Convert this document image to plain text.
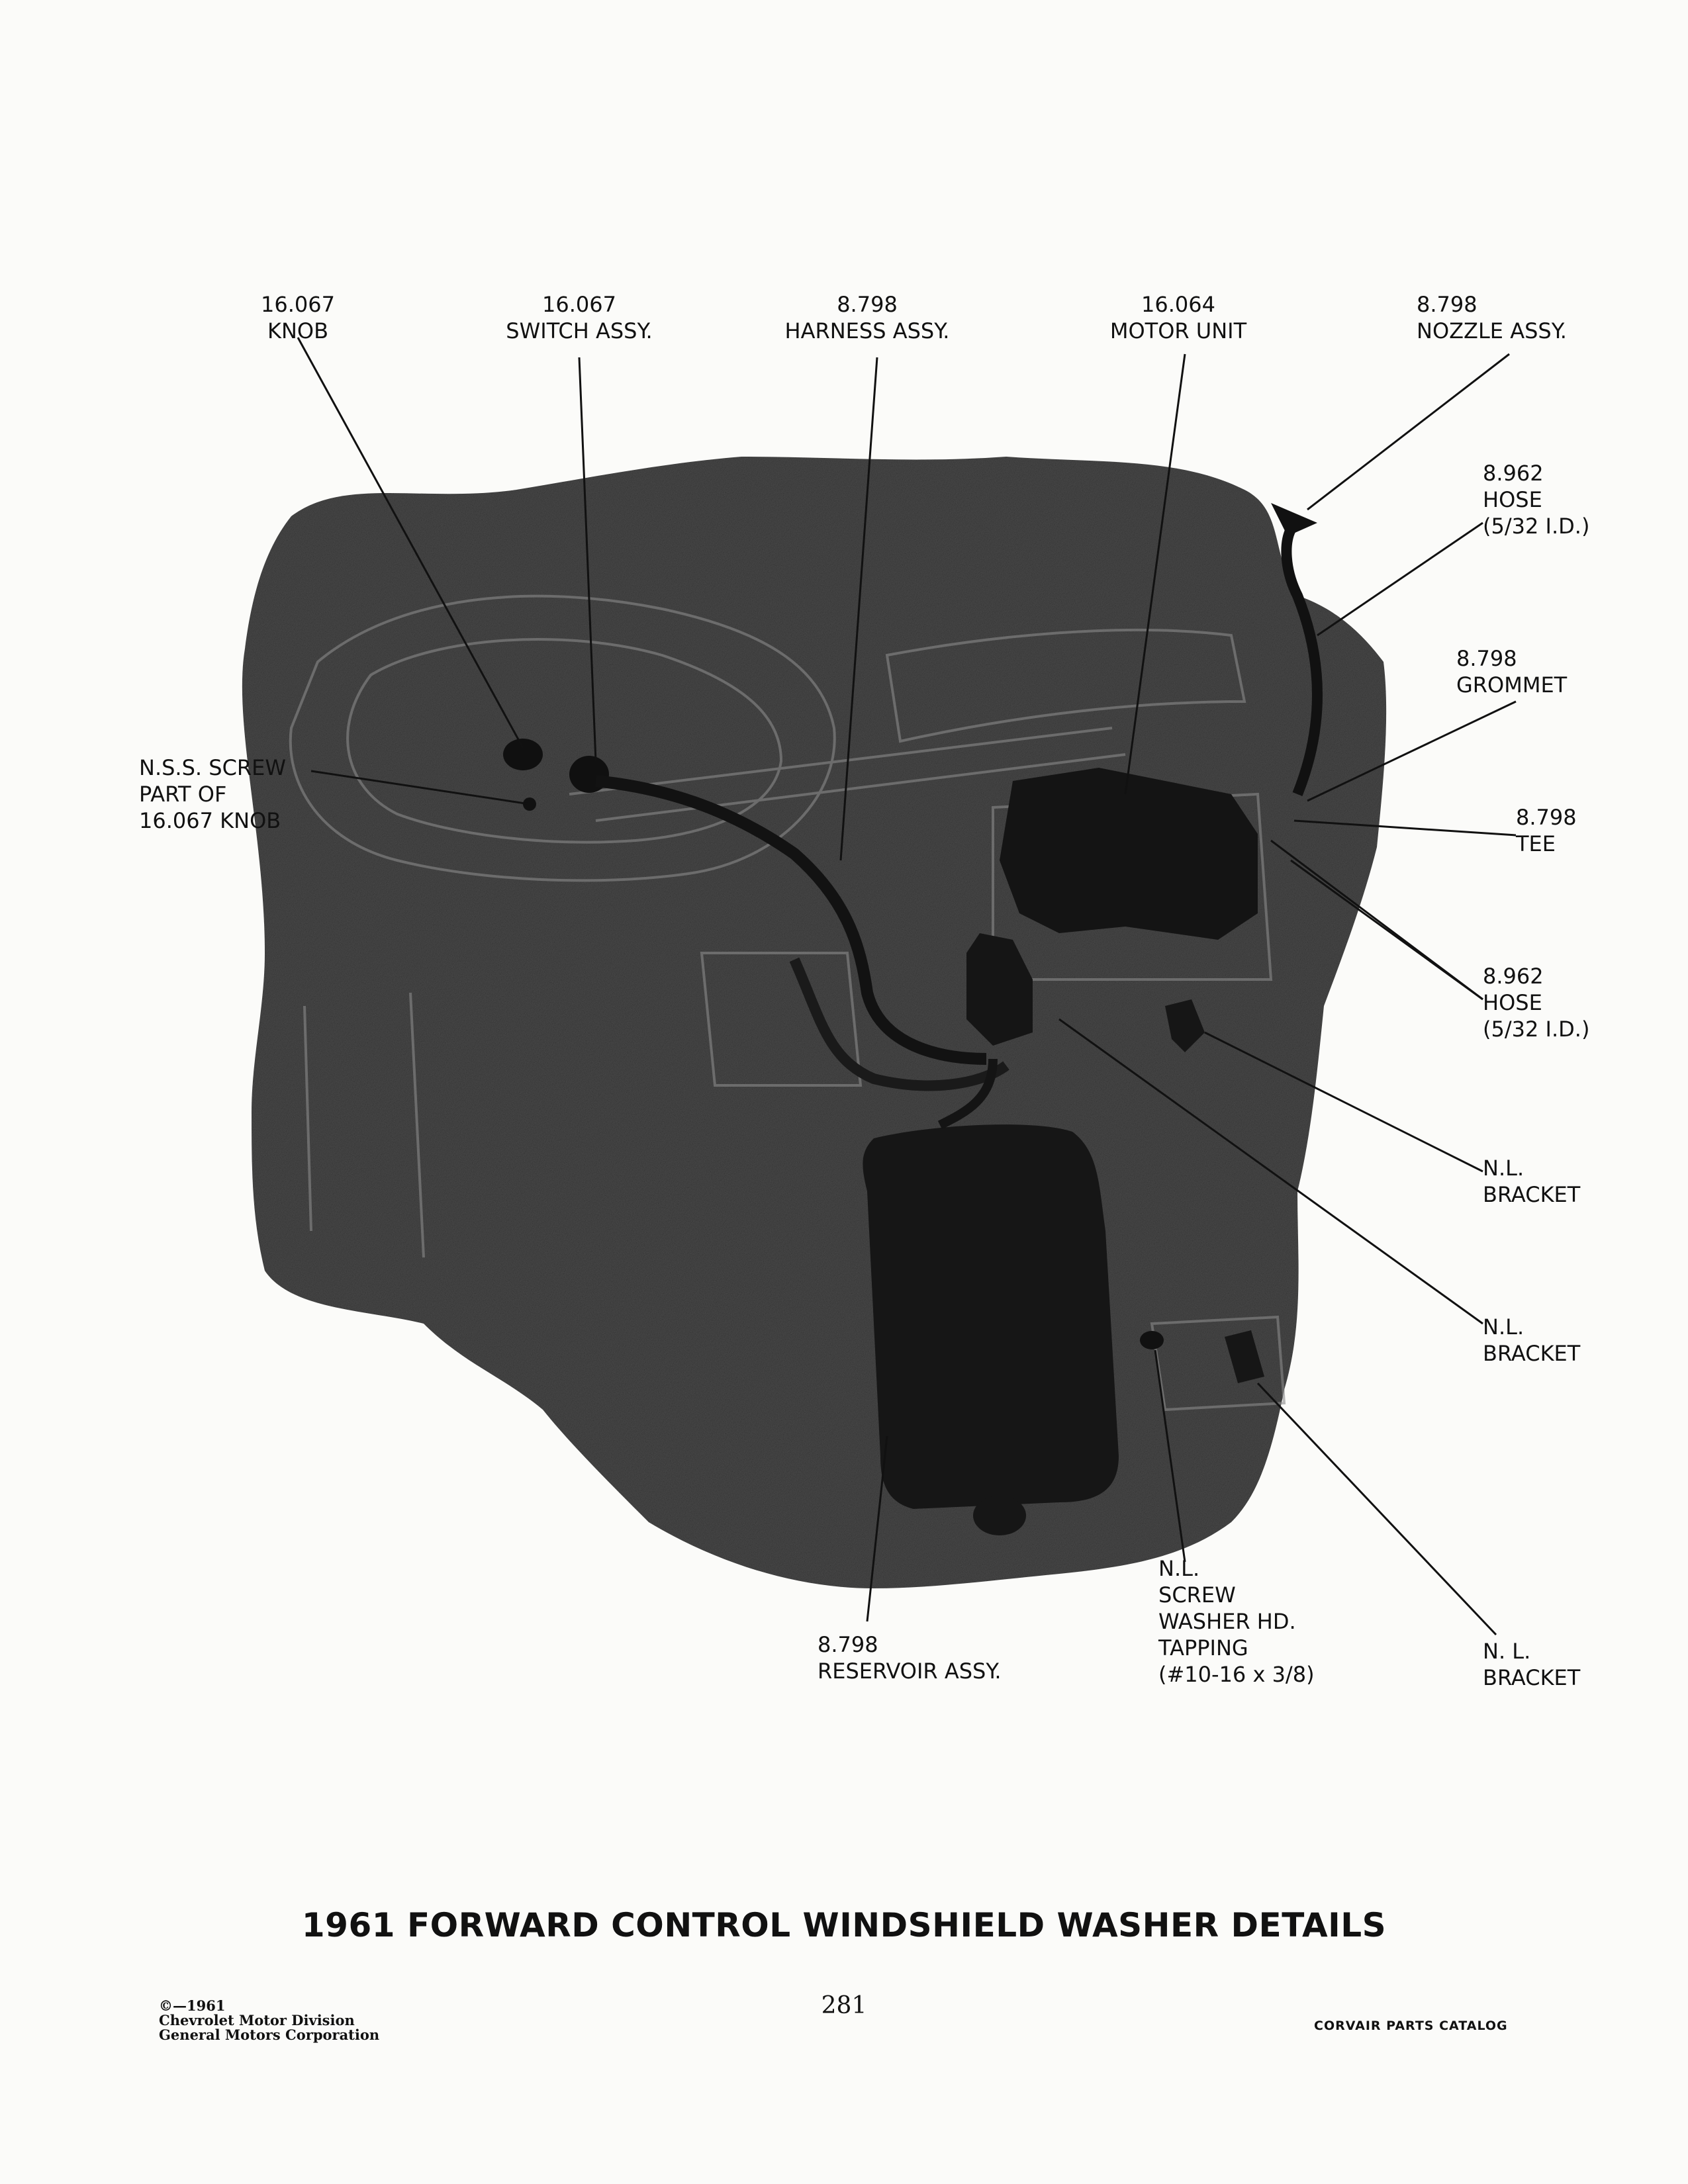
16.067
KNOB
16.067
SWITCH ASSY.
8.798
HARNESS ASSY.
16.064
MOTOR UNIT
8.798
NOZZLE ASSY.
8.962
HOSE
(5/32 I.D.)
8.798
GROMMET
8.798
TEE
8.962
HOSE
(5/32 I.D.)
N.L.
BRACKET
N.L.
BRACKET
N. L.
BRACKET
N.S.S. SCREW
PART OF
16.067 KNOB
N.L.
SCREW
WASHER HD.
TAPPING
(#10-16 x 3/8)
8.798
RESERVOIR ASSY.
1961 FORWARD CONTROL WINDSHIELD WASHER DETAILS
©—1961
Chevrolet Motor Division
General Motors Corporation
281
CORVAIR PARTS CATALOG
